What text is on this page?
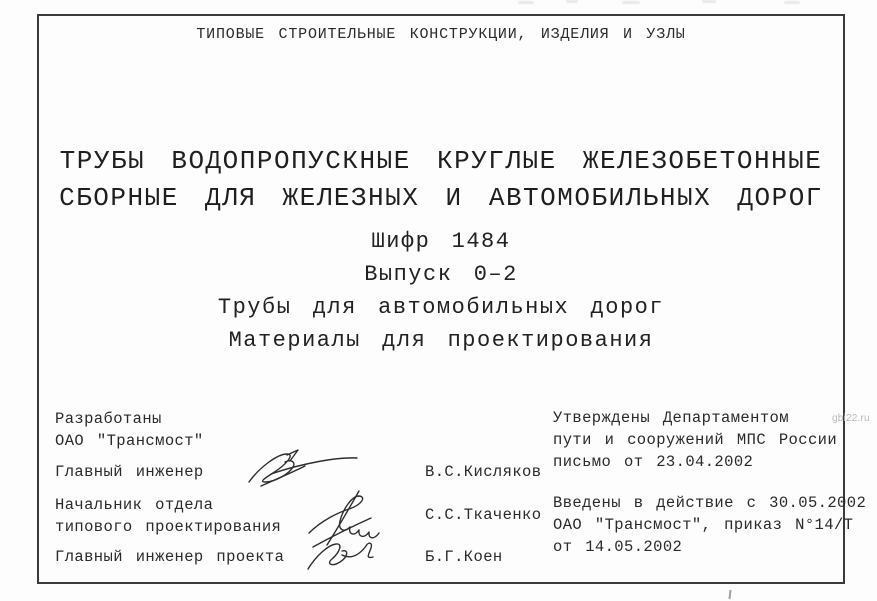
ТИПОВЫЕ СТРОИТЕЛЬНЫЕ КОНСТРУКЦИИ, ИЗДЕЛИЯ И УЗЛЫ
ТРУБЫ ВОДОПРОПУСКНЫЕ КРУГЛЫЕ ЖЕЛЕЗОБЕТОННЫЕ
СБОРНЫЕ ДЛЯ ЖЕЛЕЗНЫХ И АВТОМОБИЛЬНЫХ ДОРОГ
Шифр 1484
Выпуск 0–2
Трубы для автомобильных дорог
Материалы для проектирования
Разработаны
ОАО "Трансмост"
Главный инженер	В.С.Кисляков
Начальник отдела
типового проектирования
С.С.Ткаченко
Главный инженер проекта	Б.Г.Коен
Утверждены Департаментом
пути и сооружений МПС России
письмо от 23.04.2002
Введены в действие с 30.05.2002
ОАО "Трансмост", приказ N°14/Т
от 14.05.2002
gbi22.ru
